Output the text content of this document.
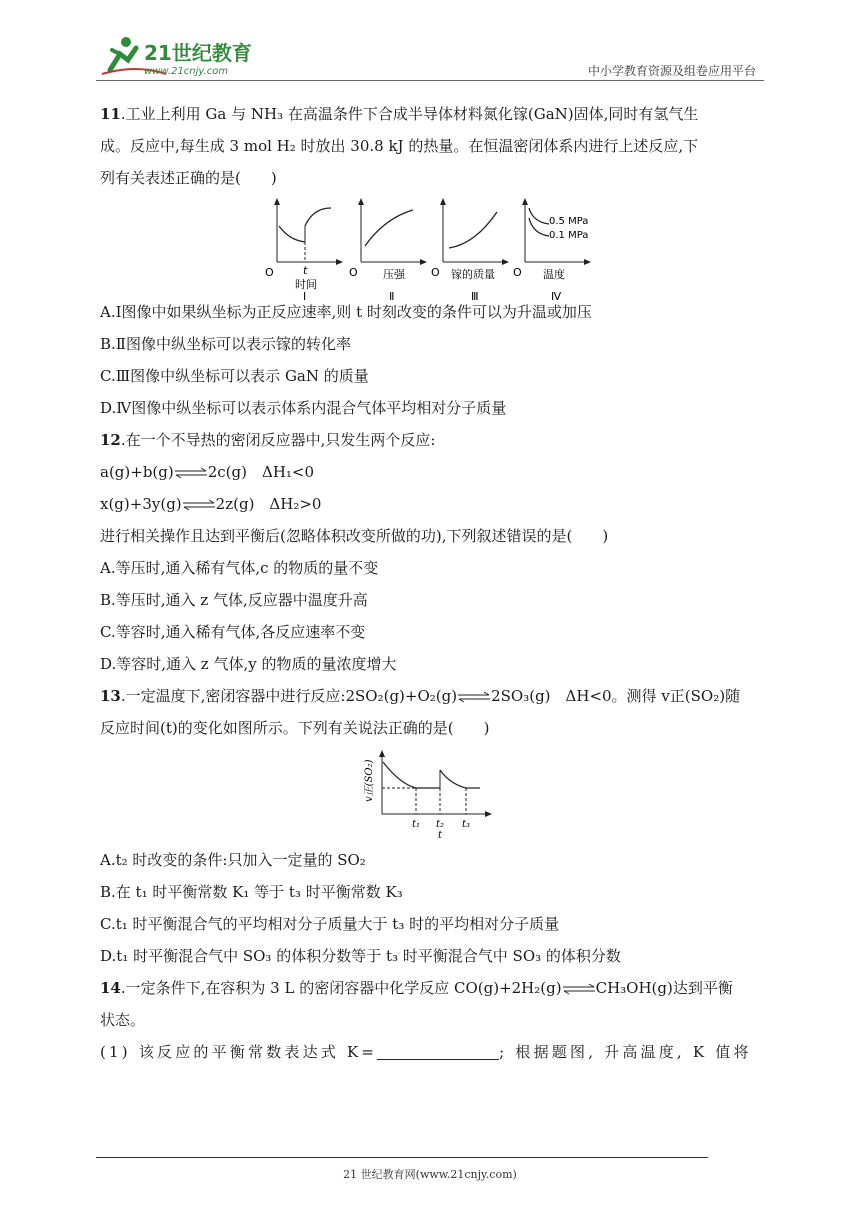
21世纪教育
www.21cnjy.com	中小学教育资源及组卷应用平台
11.工业上利用 Ga 与 NH₃ 在高温条件下合成半导体材料氮化镓(GaN)固体,同时有氢气生
成。反应中,每生成 3 mol H₂ 时放出 30.8 kJ 的热量。在恒温密闭体系内进行上述反应,下
列有关表述正确的是(　　)
O	t
时间
Ⅰ
O 压强
Ⅱ
O 镓的质量
Ⅲ
0.5 MPa
0.1 MPa
O 温度
Ⅳ
A.Ⅰ图像中如果纵坐标为正反应速率,则 t 时刻改变的条件可以为升温或加压
B.Ⅱ图像中纵坐标可以表示镓的转化率
C.Ⅲ图像中纵坐标可以表示 GaN 的质量
D.Ⅳ图像中纵坐标可以表示体系内混合气体平均相对分子质量
12.在一个不导热的密闭反应器中,只发生两个反应:
a(g)+b(g)⇌2c(g)　ΔH₁<0
x(g)+3y(g)⇌2z(g)　ΔH₂>0
进行相关操作且达到平衡后(忽略体积改变所做的功),下列叙述错误的是(　　)
A.等压时,通入稀有气体,c 的物质的量不变
B.等压时,通入 z 气体,反应器中温度升高
C.等容时,通入稀有气体,各反应速率不变
D.等容时,通入 z 气体,y 的物质的量浓度增大
13.一定温度下,密闭容器中进行反应:2SO₂(g)+O₂(g)⇌2SO₃(g)　ΔH<0。测得 v正(SO₂)随
反应时间(t)的变化如图所示。下列有关说法正确的是(　　)
v正(SO₂)
t₁ t₂ t₃
t
A.t₂ 时改变的条件:只加入一定量的 SO₂
B.在 t₁ 时平衡常数 K₁ 等于 t₃ 时平衡常数 K₃
C.t₁ 时平衡混合气的平均相对分子质量大于 t₃ 时的平均相对分子质量
D.t₁ 时平衡混合气中 SO₃ 的体积分数等于 t₃ 时平衡混合气中 SO₃ 的体积分数
14.一定条件下,在容积为 3 L 的密闭容器中化学反应 CO(g)+2H₂(g)⇌CH₃OH(g)达到平衡
状态。
(1) 该反应的平衡常数表达式 K=	; 根据题图, 升高温度, K 值将
21 世纪教育网(www.21cnjy.com)
